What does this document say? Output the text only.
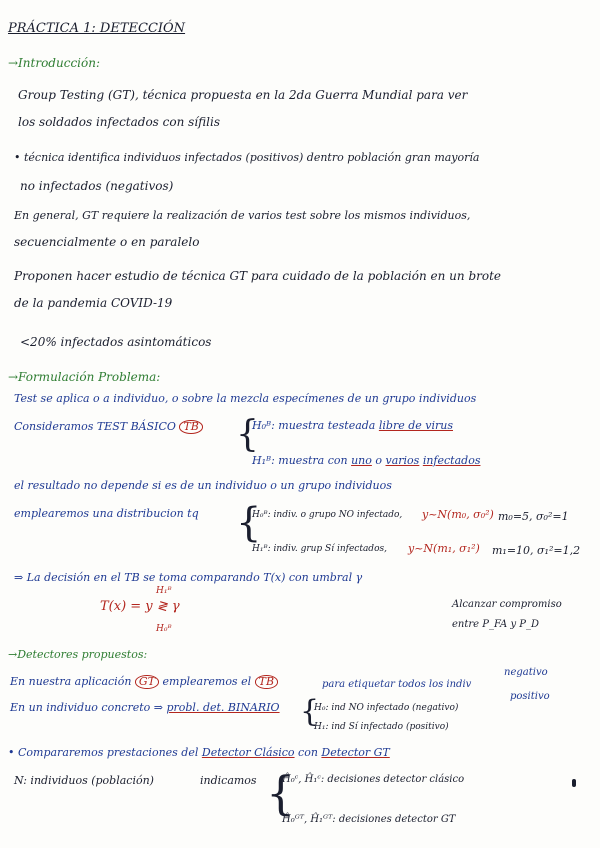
PRÁCTICA 1: DETECCIÓN
→Introducción:
Group Testing (GT), técnica propuesta en la 2da Guerra Mundial para ver
los soldados infectados con sífilis
• técnica identifica individuos infectados (positivos) dentro población gran mayoría
no infectados (negativos)
En general, GT requiere la realización de varios test sobre los mismos individuos,
secuencialmente o en paralelo
Proponen hacer estudio de técnica GT para cuidado de la población en un brote
de la pandemia COVID-19
<20% infectados asintomáticos
→Formulación Problema:
Test se aplica o a individuo, o sobre la mezcla especímenes de un grupo individuos
Consideramos TEST BÁSICO TB {
H₀ᴮ: muestra testeada libre de virus
H₁ᴮ: muestra con uno o varios infectados
el resultado no depende si es de un individuo o un grupo individuos
emplearemos una distribucion tq {
H₀ᴮ: indiv. o grupo NO infectado, y~N(m₀, σ₀²) m₀=5, σ₀²=1
H₁ᴮ: indiv. grup Sí infectados, y~N(m₁, σ₁²) m₁=10, σ₁²=1,2
⇒ La decisión en el TB se toma comparando T(x) con umbral γ
H₁ᴮ
T(x) = y ≷ γ
H₀ᴮ
Alcanzar compromiso
entre P_FA y P_D
→Detectores propuestos:
En nuestra aplicación GT emplearemos el TB	para etiquetar todos los indiv
negativo
positivo
En un individuo concreto ⇒ probl. det. BINARIO {
H₀: ind NO infectado (negativo)
H₁: ind Sí infectado (positivo)
• Compararemos prestaciones del Detector Clásico con Detector GT
N: individuos (población)	indicamos {
Ĥ₀ᶜ, Ĥ₁ᶜ: decisiones detector clásico
Ĥ₀ᴳᵀ, Ĥ₁ᴳᵀ: decisiones detector GT
